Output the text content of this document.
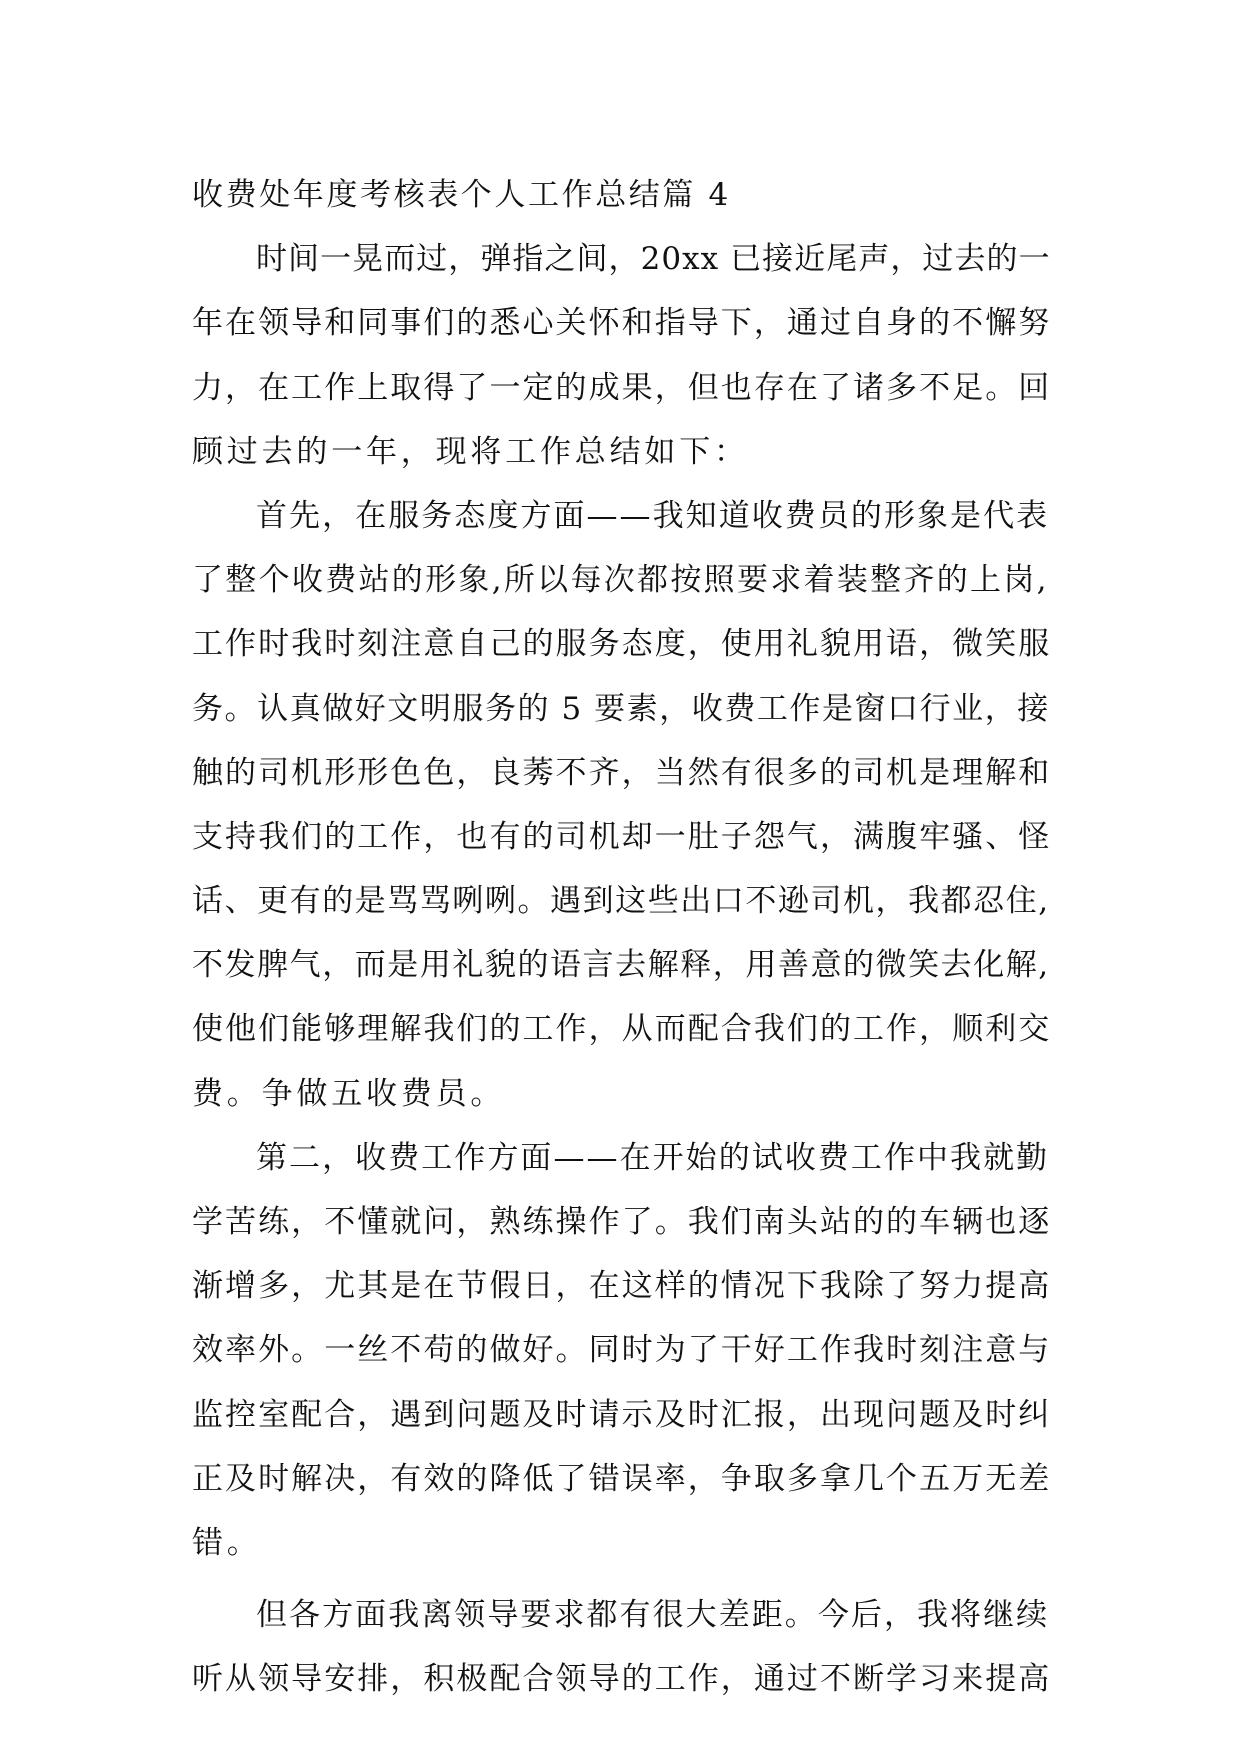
收费处年度考核表个人工作总结篇 4
时间一晃而过，弹指之间，20xx 已接近尾声，过去的一
年在领导和同事们的悉心关怀和指导下，通过自身的不懈努
力，在工作上取得了一定的成果，但也存在了诸多不足。回
顾过去的一年，现将工作总结如下：
首先，在服务态度方面——我知道收费员的形象是代表
了整个收费站的形象,所以每次都按照要求着装整齐的上岗,
工作时我时刻注意自己的服务态度，使用礼貌用语，微笑服
务。认真做好文明服务的 5 要素，收费工作是窗口行业，接
触的司机形形色色，良莠不齐，当然有很多的司机是理解和
支持我们的工作，也有的司机却一肚子怨气，满腹牢骚、怪
话、更有的是骂骂咧咧。遇到这些出口不逊司机，我都忍住,
不发脾气，而是用礼貌的语言去解释，用善意的微笑去化解,
使他们能够理解我们的工作，从而配合我们的工作，顺利交
费。争做五收费员。
第二，收费工作方面——在开始的试收费工作中我就勤
学苦练，不懂就问，熟练操作了。我们南头站的的车辆也逐
渐增多，尤其是在节假日，在这样的情况下我除了努力提高
效率外。一丝不苟的做好。同时为了干好工作我时刻注意与
监控室配合，遇到问题及时请示及时汇报，出现问题及时纠
正及时解决，有效的降低了错误率，争取多拿几个五万无差
错。
但各方面我离领导要求都有很大差距。今后，我将继续
听从领导安排，积极配合领导的工作，通过不断学习来提高
